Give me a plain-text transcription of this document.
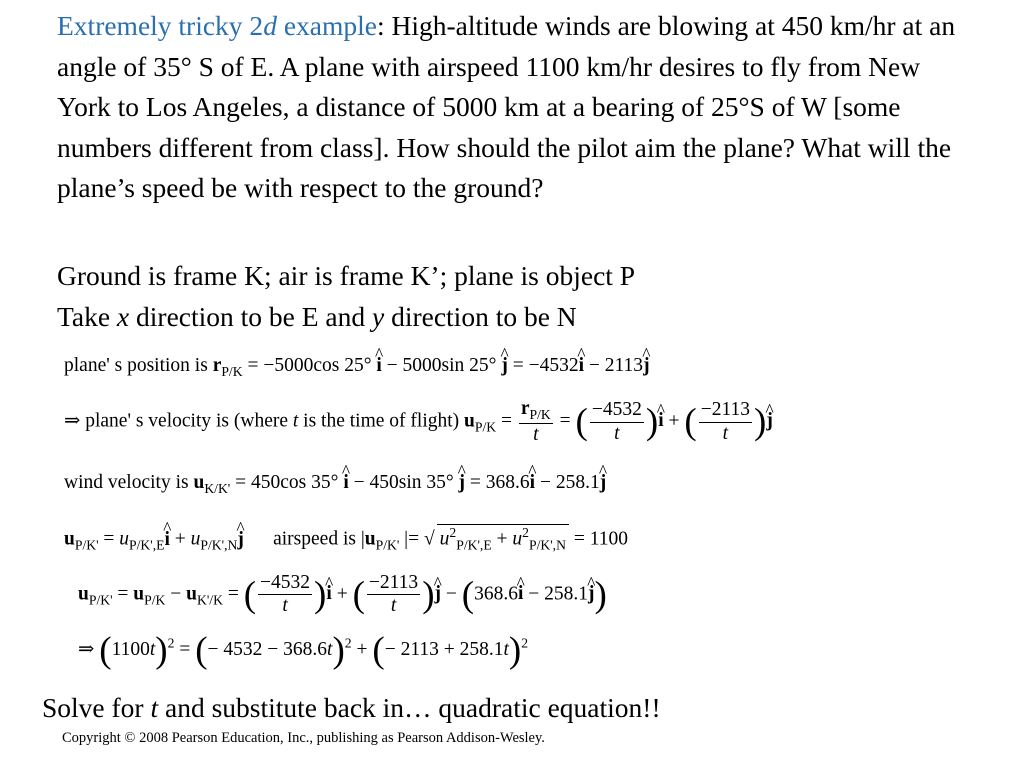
Extremely tricky 2d example: High-altitude winds are blowing at 450 km/hr at an angle of 35° S of E. A plane with airspeed 1100 km/hr desires to fly from New York to Los Angeles, a distance of 5000 km at a bearing of 25°S of W [some numbers different from class]. How should the pilot aim the plane? What will the plane’s speed be with respect to the ground?

Ground is frame K; air is frame K’; plane is object P

Take x direction to be E and y direction to be N

plane' s position is $r_{P/K} = -5000\cos$ 25° ^ i − 5000sin 25° ^ j = −4532^ i − 2113^ j

⇒ plane' s velocity is (where t is the time of flight) $u_{P/K} = \frac{r_{P/K}}{t}$ = ( $\frac{-4532}{t}$ )^ i + ( $\frac{-2113}{t}$ )^ j

wind velocity is $u_{K/K'} = 450\cos$ 35° ^ i − 450sin 35° ^ j = 368.6^ i − 258.1^ j

$u_{P/K'}$ = $u_{P/K',E}\^{}$ $i + u_{P/K',N}\^{}$ j airspeed is $|u_{P/K'}$ |= √ $u^2_{P/K',E} + u^2_{P/K',N} = 1100$

$u_{P/K'} = u_{P/K} - u_{K'/K}$ = ( $\frac{-4532}{t}$ )^ i + ( $\frac{-2113}{t}$ )^ j − (368.6^ i − 258.1^ j)

⇒ $(1100t)^2$ = (− 4532 − 368.6t)$^2$ + (− 2113 + 258.1t)$^2$

Solve for t and substitute back in… quadratic equation!!

Copyright © 2008 Pearson Education, Inc., publishing as Pearson Addison-Wesley.
